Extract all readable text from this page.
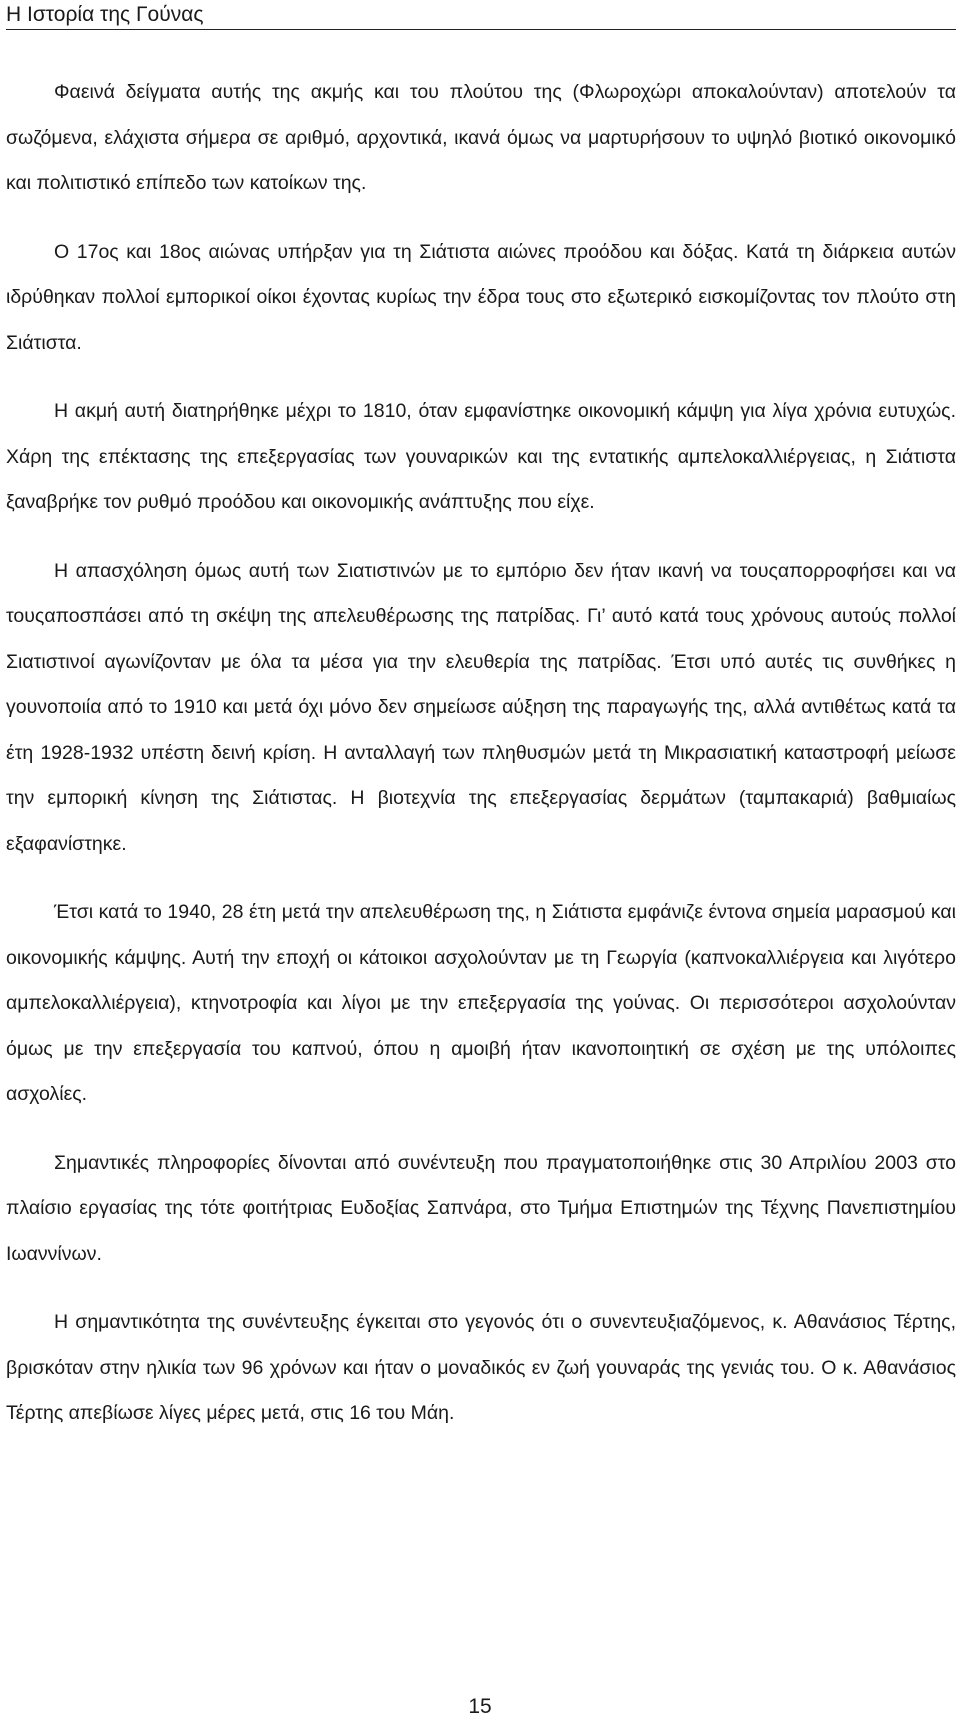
Η Ιστορία της Γούνας

Φαεινά δείγματα αυτής της ακμής και του πλούτου της (Φλωροχώρι αποκαλούνταν) αποτελούν τα σωζόμενα, ελάχιστα σήμερα σε αριθμό, αρχοντικά, ικανά όμως να μαρτυρήσουν το υψηλό βιοτικό οικονομικό και πολιτιστικό επίπεδο των κατοίκων της.

Ο 17ος και 18ος αιώνας υπήρξαν για τη Σιάτιστα αιώνες προόδου και δόξας. Κατά τη διάρκεια αυτών ιδρύθηκαν πολλοί εμπορικοί οίκοι έχοντας κυρίως την έδρα τους στο εξωτερικό εισκομίζοντας τον πλούτο στη Σιάτιστα.

Η ακμή αυτή διατηρήθηκε μέχρι το 1810, όταν εμφανίστηκε οικονομική κάμψη για λίγα χρόνια ευτυχώς. Χάρη της επέκτασης της επεξεργασίας των γουναρικών και της εντατικής αμπελοκαλλιέργειας, η Σιάτιστα ξαναβρήκε τον ρυθμό προόδου και οικονομικής ανάπτυξης που είχε.

Η απασχόληση όμως αυτή των Σιατιστινών με το εμπόριο δεν ήταν ικανή να τουςαπορροφήσει και να τουςαποσπάσει από τη σκέψη της απελευθέρωσης της πατρίδας. Γι’ αυτό κατά τους χρόνους αυτούς πολλοί Σιατιστινοί αγωνίζονταν με όλα τα μέσα για την ελευθερία της πατρίδας. Έτσι υπό αυτές τις συνθήκες η γουνοποιία από το 1910 και μετά όχι μόνο δεν σημείωσε αύξηση της παραγωγής της, αλλά αντιθέτως κατά τα έτη 1928-1932 υπέστη δεινή κρίση. Η ανταλλαγή των πληθυσμών μετά τη Μικρασιατική καταστροφή μείωσε την εμπορική κίνηση της Σιάτιστας. Η βιοτεχνία της επεξεργασίας δερμάτων (ταμπακαριά) βαθμιαίως εξαφανίστηκε.

Έτσι κατά το 1940, 28 έτη μετά την απελευθέρωση της, η Σιάτιστα εμφάνιζε έντονα σημεία μαρασμού και οικονομικής κάμψης. Αυτή την εποχή οι κάτοικοι ασχολούνταν με τη Γεωργία (καπνοκαλλιέργεια και λιγότερο αμπελοκαλλιέργεια), κτηνοτροφία και λίγοι με την επεξεργασία της γούνας. Οι περισσότεροι ασχολούνταν όμως με την επεξεργασία του καπνού, όπου η αμοιβή ήταν ικανοποιητική σε σχέση με της υπόλοιπες ασχολίες.

Σημαντικές πληροφορίες δίνονται από συνέντευξη που πραγματοποιήθηκε στις 30 Απριλίου 2003 στο πλαίσιο εργασίας της τότε φοιτήτριας Ευδοξίας Σαπνάρα, στο Τμήμα Επιστημών της Τέχνης Πανεπιστημίου Ιωαννίνων.

Η σημαντικότητα της συνέντευξης έγκειται στο γεγονός ότι ο συνεντευξιαζόμενος, κ. Αθανάσιος Τέρτης, βρισκόταν στην ηλικία των 96 χρόνων και ήταν ο μοναδικός εν ζωή γουναράς της γενιάς του. Ο κ. Αθανάσιος Τέρτης απεβίωσε λίγες μέρες μετά, στις 16 του Μάη.

15
